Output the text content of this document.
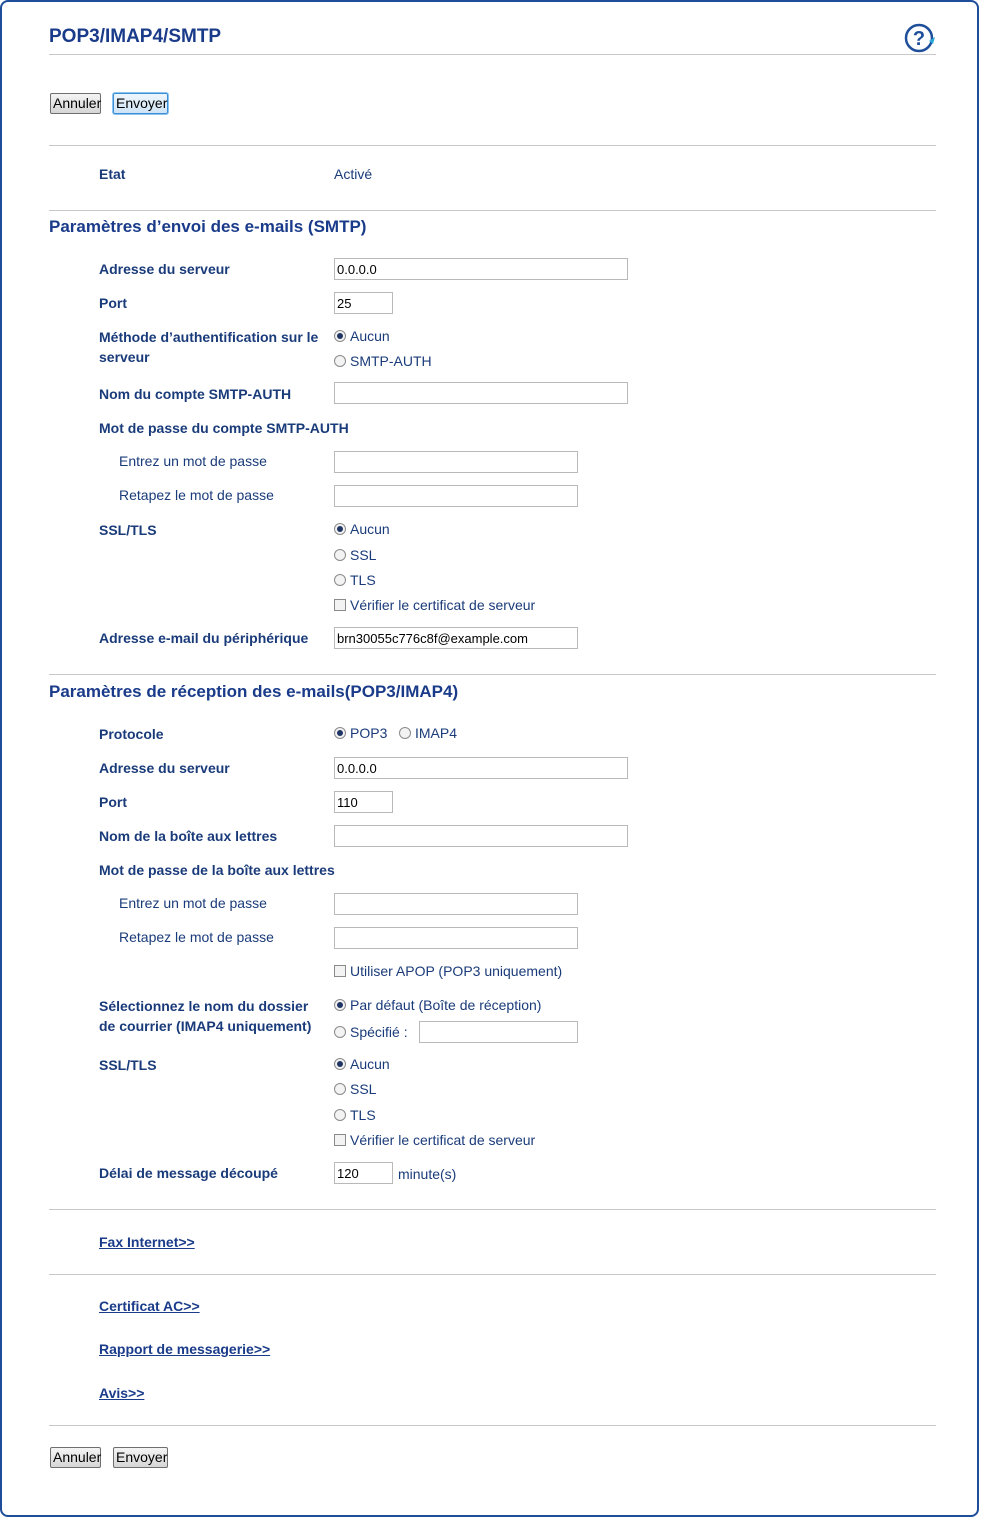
POP3/IMAP4/SMTP	?
Annuler Envoyer
Etat	Activé
Paramètres d’envoi des e-mails (SMTP)
Adresse du serveur	0.0.0.0
Port	25
Méthode d’authentification sur le serveur
Aucun
SMTP-AUTH
Nom du compte SMTP-AUTH
Mot de passe du compte SMTP-AUTH
Entrez un mot de passe
Retapez le mot de passe
SSL/TLS	Aucun
SSL
TLS
Vérifier le certificat de serveur
Adresse e-mail du périphérique brn30055c776c8f@example.com
Paramètres de réception des e-mails(POP3/IMAP4)
Protocole	POP3 IMAP4
Adresse du serveur	0.0.0.0
Port	110
Nom de la boîte aux lettres
Mot de passe de la boîte aux lettres
Entrez un mot de passe
Retapez le mot de passe
Utiliser APOP (POP3 uniquement)
Sélectionnez le nom du dossier de courrier (IMAP4 uniquement)
Par défaut (Boîte de réception)
Spécifié :
SSL/TLS	Aucun
SSL
TLS
Vérifier le certificat de serveur
Délai de message découpé	120	minute(s)
Fax Internet>>
Certificat AC>>
Rapport de messagerie>>
Avis>>
Annuler Envoyer
